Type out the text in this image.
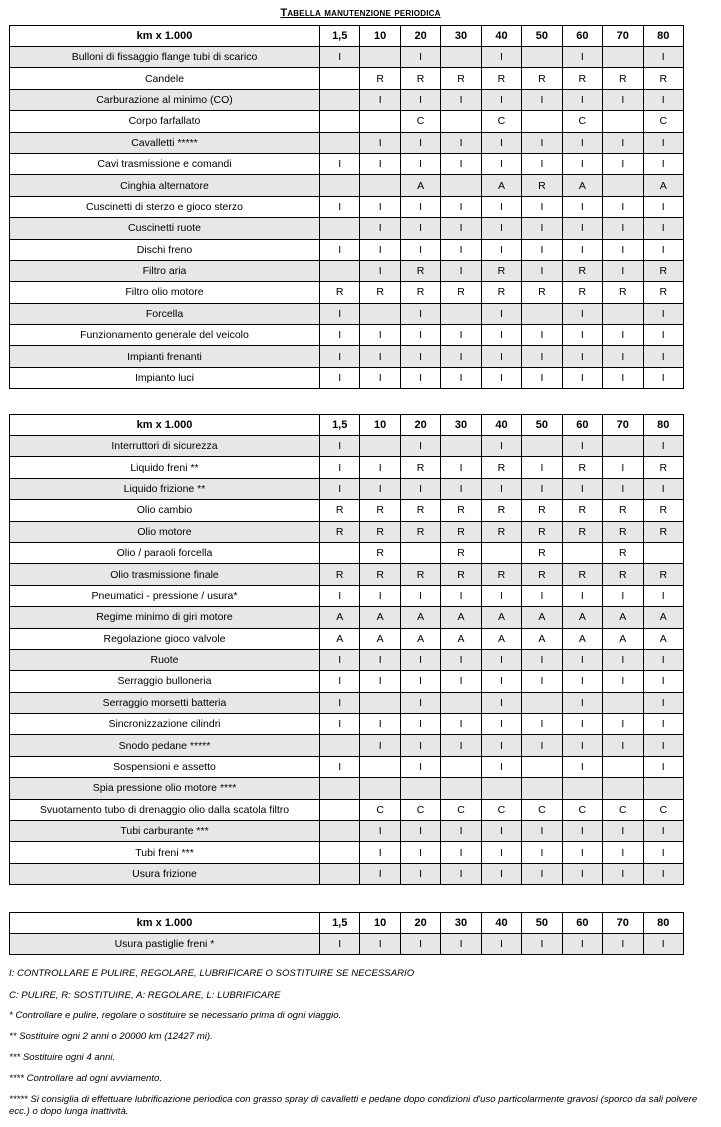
Tabella manutenzione periodica
km x 1.000	1,5	10	20	30	40	50	60	70	80
Bulloni di fissaggio flange tubi di scarico	I		I		I		I		I
Candele		R	R	R	R	R	R	R	R
Carburazione al minimo (CO)		I	I	I	I	I	I	I	I
Corpo farfallato			C		C		C		C
Cavalletti *****		I	I	I	I	I	I	I	I
Cavi trasmissione e comandi	I	I	I	I	I	I	I	I	I
Cinghia alternatore			A		A	R	A		A
Cuscinetti di sterzo e gioco sterzo	I	I	I	I	I	I	I	I	I
Cuscinetti ruote		I	I	I	I	I	I	I	I
Dischi freno	I	I	I	I	I	I	I	I	I
Filtro aria		I	R	I	R	I	R	I	R
Filtro olio motore	R	R	R	R	R	R	R	R	R
Forcella	I		I		I		I		I
Funzionamento generale del veicolo	I	I	I	I	I	I	I	I	I
Impianti frenanti	I	I	I	I	I	I	I	I	I
Impianto luci	I	I	I	I	I	I	I	I	I
km x 1.000	1,5	10	20	30	40	50	60	70	80
Interruttori di sicurezza	I		I		I		I		I
Liquido freni **	I	I	R	I	R	I	R	I	R
Liquido frizione **	I	I	I	I	I	I	I	I	I
Olio cambio	R	R	R	R	R	R	R	R	R
Olio motore	R	R	R	R	R	R	R	R	R
Olio / paraoli forcella		R		R		R		R	
Olio trasmissione finale	R	R	R	R	R	R	R	R	R
Pneumatici - pressione / usura*	I	I	I	I	I	I	I	I	I
Regime minimo di giri motore	A	A	A	A	A	A	A	A	A
Regolazione gioco valvole	A	A	A	A	A	A	A	A	A
Ruote	I	I	I	I	I	I	I	I	I
Serraggio bulloneria	I	I	I	I	I	I	I	I	I
Serraggio morsetti batteria	I		I		I		I		I
Sincronizzazione cilindri	I	I	I	I	I	I	I	I	I
Snodo pedane *****		I	I	I	I	I	I	I	I
Sospensioni e assetto	I		I		I		I		I
Spia pressione olio motore ****									
Svuotamento tubo di drenaggio olio dalla scatola filtro		C	C	C	C	C	C	C	C
Tubi carburante ***		I	I	I	I	I	I	I	I
Tubi freni ***		I	I	I	I	I	I	I	I
Usura frizione		I	I	I	I	I	I	I	I
km x 1.000	1,5	10	20	30	40	50	60	70	80
Usura pastiglie freni *	I	I	I	I	I	I	I	I	I
I: CONTROLLARE E PULIRE, REGOLARE, LUBRIFICARE O SOSTITUIRE SE NECESSARIO
C: PULIRE, R: SOSTITUIRE, A: REGOLARE, L: LUBRIFICARE
* Controllare e pulire, regolare o sostituire se necessario prima di ogni viaggio.
** Sostituire ogni 2 anni o 20000 km (12427 mi).
*** Sostituire ogni 4 anni.
**** Controllare ad ogni avviamento.
***** Si consiglia di effettuare lubrificazione periodica con grasso spray di cavalletti e pedane dopo condizioni d'uso particolarmente gravosi (sporco da sali polvere ecc.) o dopo lunga inattività.
